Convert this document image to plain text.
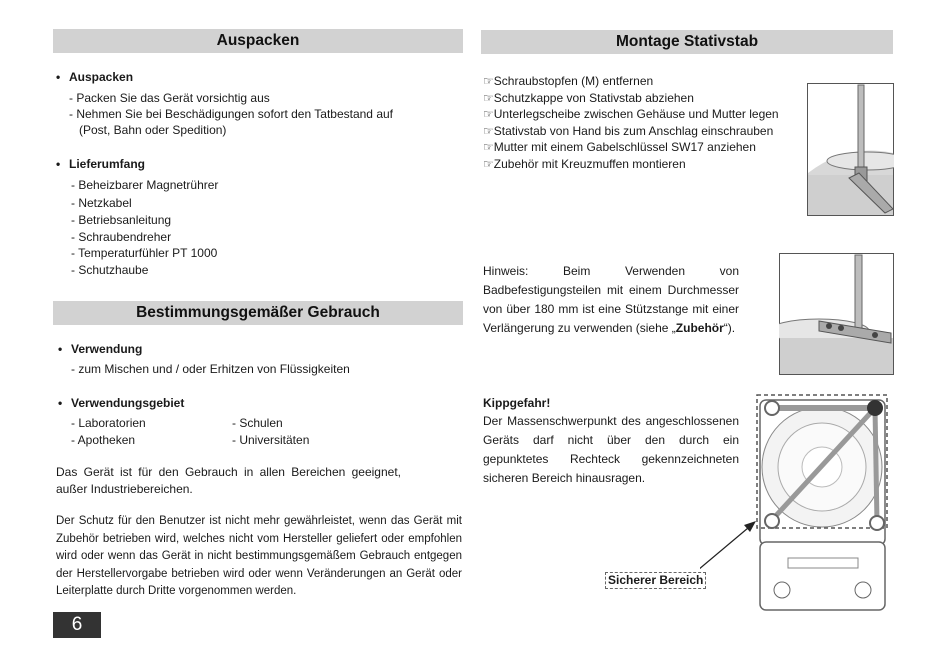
Auspacken
• Auspacken
- Packen Sie das Gerät vorsichtig aus
- Nehmen Sie bei Beschädigungen sofort den Tatbestand auf
(Post, Bahn oder Spedition)
• Lieferumfang
- Beheizbarer Magnetrührer
- Netzkabel
- Betriebsanleitung
- Schraubendreher
- Temperaturfühler PT 1000
- Schutzhaube
Bestimmungsgemäßer Gebrauch
• Verwendung
- zum Mischen und / oder Erhitzen von Flüssigkeiten
• Verwendungsgebiet
- Laboratorien
- Apotheken
- Schulen
- Universitäten
Das Gerät ist für den Gebrauch in allen Bereichen geeignet, außer Industriebereichen.
Der Schutz für den Benutzer ist nicht mehr gewährleistet, wenn das Gerät mit Zubehör betrieben wird, welches nicht vom Hersteller geliefert oder empfohlen wird oder wenn das Gerät in nicht bestimmungsgemäßem Gebrauch entgegen der Herstellervorgabe betrieben wird oder wenn Veränderungen an Gerät oder Leiterplatte durch Dritte vorgenommen werden.
6
Montage Stativstab
☞Schraubstopfen (M) entfernen
☞Schutzkappe von Stativstab abziehen
☞Unterlegscheibe zwischen Gehäuse und Mutter legen
☞Stativstab von Hand bis zum Anschlag einschrauben
☞Mutter mit einem Gabelschlüssel SW17 anziehen
☞Zubehör mit Kreuzmuffen montieren
Hinweis: Beim Verwenden von Badbefestigungsteilen mit einem Durchmesser von über 180 mm ist eine Stützstange mit einer Verlängerung zu verwenden (siehe „Zubehör“).
Kippgefahr!
Der Massenschwerpunkt des angeschlossenen Geräts darf nicht über den durch ein gepunktetes Rechteck gekennzeichneten sicheren Bereich hinausragen.
Sicherer Bereich
